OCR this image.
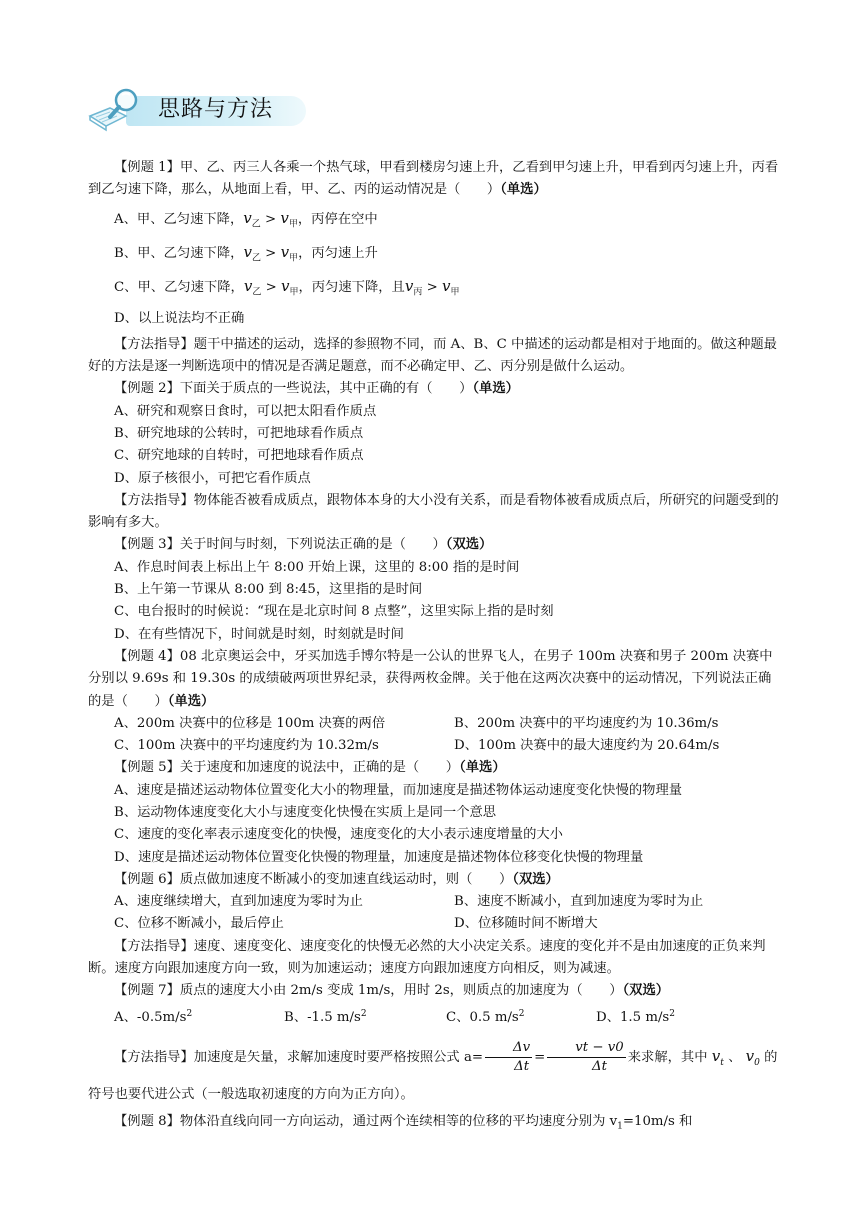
思路与方法

【例题 1】甲、乙、丙三人各乘一个热气球，甲看到楼房匀速上升，乙看到甲匀速上升，甲看到丙匀速上升，丙看到乙匀速下降，那么，从地面上看，甲、乙、丙的运动情况是（　　）（单选）

A、甲、乙匀速下降，$v_乙 > v_甲$，丙停在空中

B、甲、乙匀速下降，$v_乙 > v_甲$，丙匀速上升

C、甲、乙匀速下降，$v_乙 > v_甲$，丙匀速下降，且$v_丙 > v_甲$

D、以上说法均不正确

【方法指导】题干中描述的运动，选择的参照物不同，而 A、B、C 中描述的运动都是相对于地面的。做这种题最好的方法是逐一判断选项中的情况是否满足题意，而不必确定甲、乙、丙分别是做什么运动。

【例题 2】下面关于质点的一些说法，其中正确的有（　　）（单选）

A、研究和观察日食时，可以把太阳看作质点

B、研究地球的公转时，可把地球看作质点

C、研究地球的自转时，可把地球看作质点

D、原子核很小，可把它看作质点

【方法指导】物体能否被看成质点，跟物体本身的大小没有关系，而是看物体被看成质点后，所研究的问题受到的影响有多大。

【例题 3】关于时间与时刻，下列说法正确的是（　　）（双选）

A、作息时间表上标出上午 8:00 开始上课，这里的 8:00 指的是时间

B、上午第一节课从 8:00 到 8:45，这里指的是时间

C、电台报时的时候说：“现在是北京时间 8 点整”，这里实际上指的是时刻

D、在有些情况下，时间就是时刻，时刻就是时间

【例题 4】08 北京奥运会中，牙买加选手博尔特是一公认的世界飞人，在男子 100m 决赛和男子 200m 决赛中分别以 9.69s 和 19.30s 的成绩破两项世界纪录，获得两枚金牌。关于他在这两次决赛中的运动情况，下列说法正确的是（　　）（单选）

A、200m 决赛中的位移是 100m 决赛的两倍	B、200m 决赛中的平均速度约为 10.36m/s
C、100m 决赛中的平均速度约为 10.32m/s	D、100m 决赛中的最大速度约为 20.64m/s

【例题 5】关于速度和加速度的说法中，正确的是（　　）（单选）

A、速度是描述运动物体位置变化大小的物理量，而加速度是描述物体运动速度变化快慢的物理量

B、运动物体速度变化大小与速度变化快慢在实质上是同一个意思

C、速度的变化率表示速度变化的快慢，速度变化的大小表示速度增量的大小

D、速度是描述运动物体位置变化快慢的物理量，加速度是描述物体位移变化快慢的物理量

【例题 6】质点做加速度不断减小的变加速直线运动时，则（　　）（双选）

A、速度继续增大，直到加速度为零时为止	B、速度不断减小，直到加速度为零时为止
C、位移不断减小，最后停止	D、位移随时间不断增大

【方法指导】速度、速度变化、速度变化的快慢无必然的大小决定关系。速度的变化并不是由加速度的正负来判断。速度方向跟加速度方向一致，则为加速运动；速度方向跟加速度方向相反，则为减速。

【例题 7】质点的速度大小由 2m/s 变成 1m/s，用时 2s，则质点的加速度为（　　）（双选）

A、$-0.5m/s^2$	B、-1.5 $m/s^2$	C、0.5 $m/s^2$	D、1.5 $m/s^2$

【方法指导】加速度是矢量，求解加速度时要严格按照公式 $a= \frac{\Delta v}{\Delta t} = \frac{vt - v0}{\Delta t}$ 来求解，其中 $v_t$ 、 $v_0$ 的

符号也要代进公式（一般选取初速度的方向为正方向）。

【例题 8】物体沿直线向同一方向运动，通过两个连续相等的位移的平均速度分别为 $v_1=10m/s$ 和
